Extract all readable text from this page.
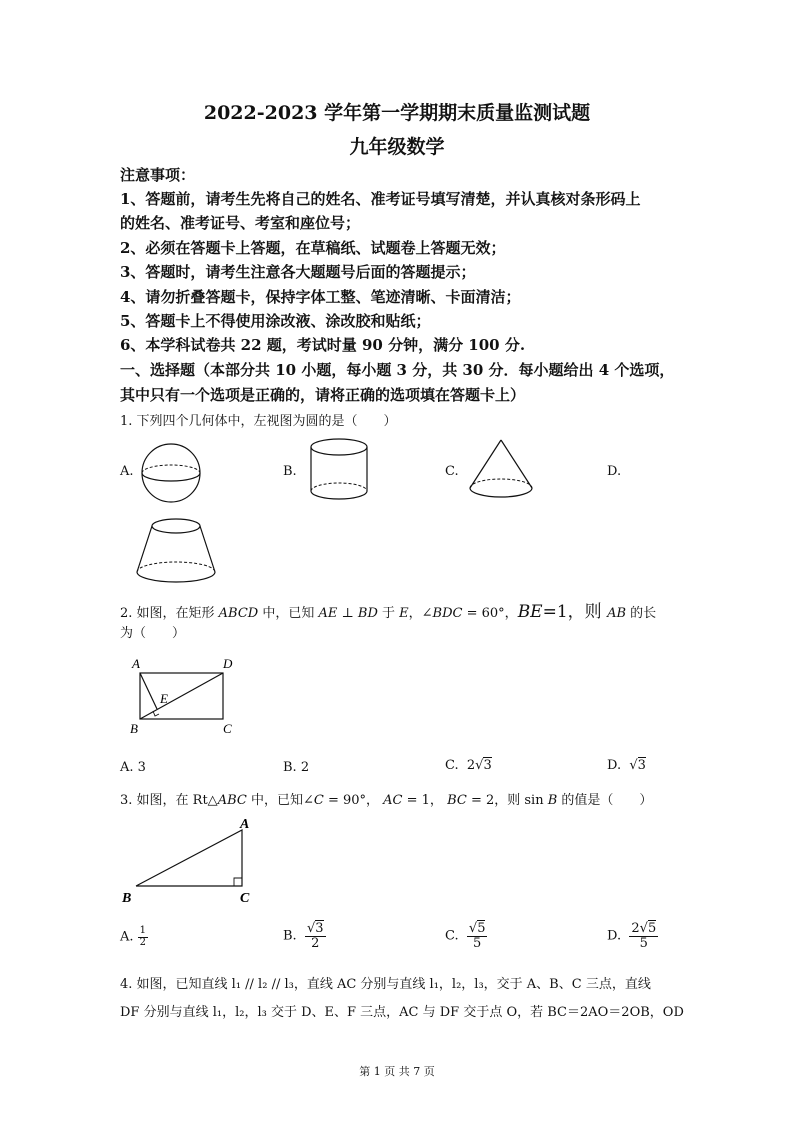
2022-2023 学年第一学期期末质量监测试题
九年级数学
注意事项：
1、答题前，请考生先将自己的姓名、准考证号填写清楚，并认真核对条形码上
的姓名、准考证号、考室和座位号；
2、必须在答题卡上答题，在草稿纸、试题卷上答题无效；
3、答题时，请考生注意各大题题号后面的答题提示；
4、请勿折叠答题卡，保持字体工整、笔迹清晰、卡面清洁；
5、答题卡上不得使用涂改液、涂改胶和贴纸；
6、本学科试卷共 22 题，考试时量 90 分钟，满分 100 分.
一、选择题（本部分共 10 小题，每小题 3 分，共 30 分．每小题给出 4 个选项，
其中只有一个选项是正确的，请将正确的选项填在答题卡上）
1. 下列四个几何体中，左视图为圆的是（　　）
A.	B.	C.	D.
2. 如图，在矩形 ABCD 中，已知 AE ⊥ BD 于 E，∠BDC = 60°，BE=1，则 AB 的长
为（　　）
A	D
E
B	C
A. 3	B. 2	C. 2√3	D.  √3
3. 如图，在 Rt△ABC 中，已知∠C = 90°， AC = 1， BC = 2，则 sin B 的值是（　　）
A
B	C
A. $\frac{1}{2}$	B. $\frac{√3}{2}$	C. $\frac{√5}{5}$	D. $\frac{2√5}{5}$
4. 如图，已知直线 l₁ // l₂ // l₃，直线 AC 分别与直线 l₁，l₂，l₃，交于 A、B、C 三点，直线
DF 分别与直线 l₁，l₂，l₃ 交于 D、E、F 三点，AC 与 DF 交于点 O，若 BC＝2AO＝2OB，OD
第 1 页 共 7 页
